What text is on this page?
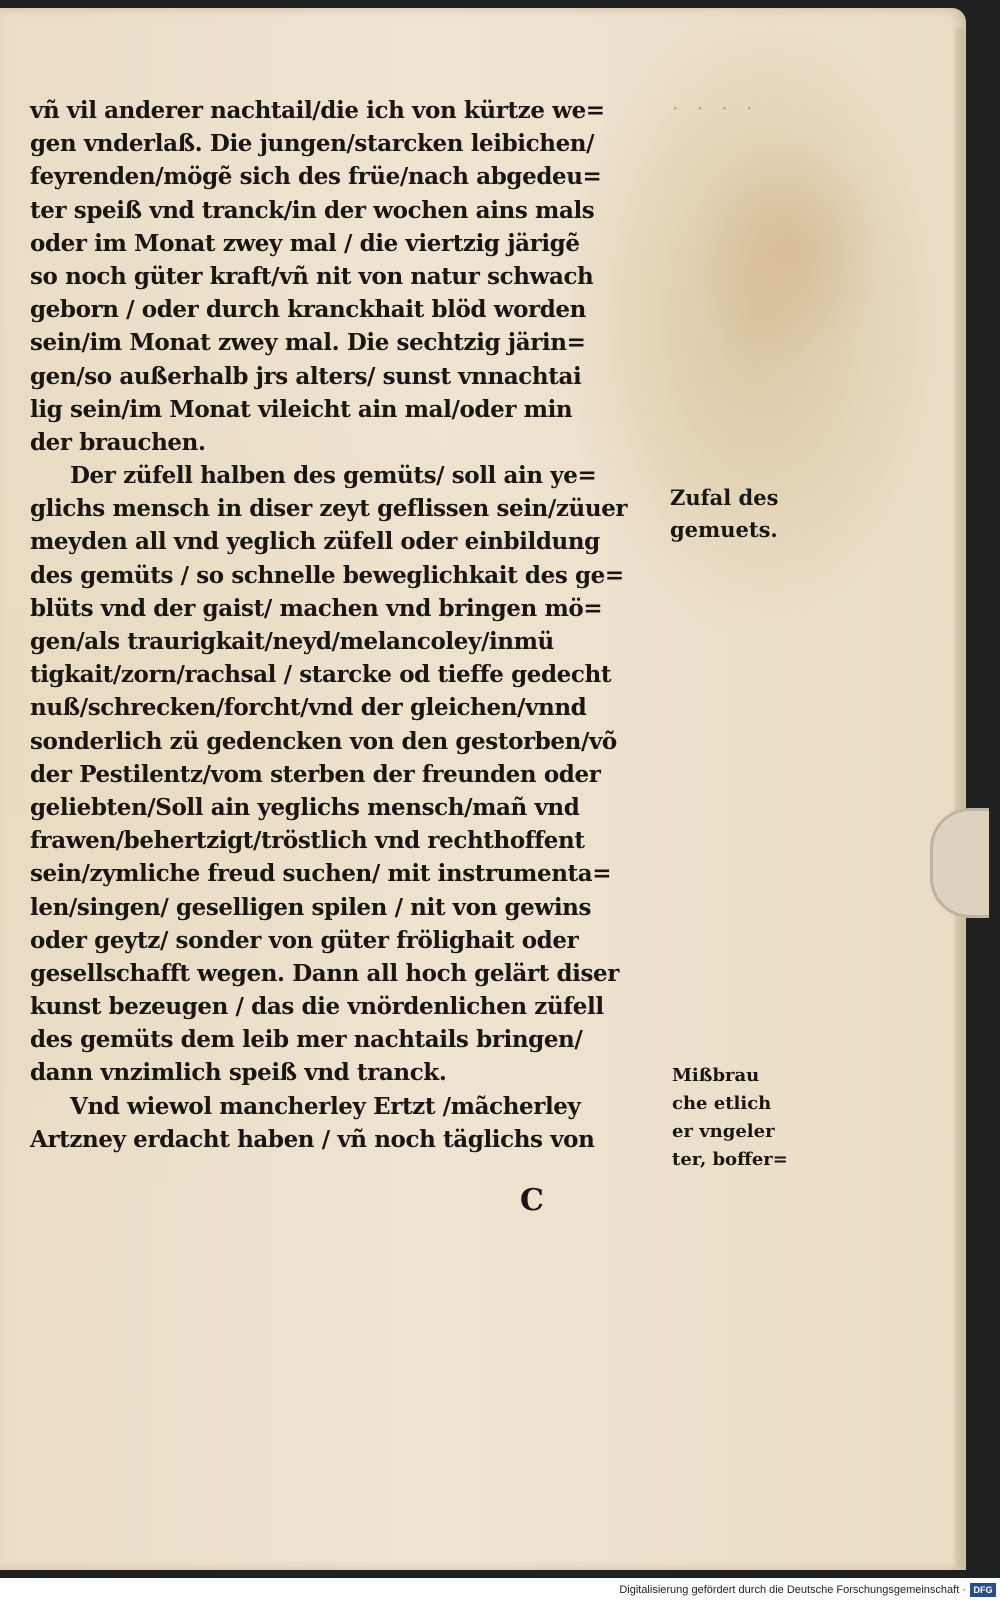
· · · ·
vñ vil anderer nachtail/die ich von kürtze we=
gen vnderlaß. Die jungen/starcken leibichen/
feyrenden/mögẽ sich des früe/nach abgedeu=
ter speiß vnd tranck/in der wochen ains mals
oder im Monat zwey mal / die viertzig järigẽ
so noch güter kraft/vñ nit von natur schwach
geborn / oder durch kranckhait blöd worden
sein/im Monat zwey mal. Die sechtzig järin=
gen/so außerhalb jrs alters/ sunst vnnachtai
lig sein/im Monat vileicht ain mal/oder min
der brauchen.
Der züfell halben des gemüts/ soll ain ye=
glichs mensch in diser zeyt geflissen sein/züuer
meyden all vnd yeglich züfell oder einbildung
des gemüts / so schnelle beweglichkait des ge=
blüts vnd der gaist/ machen vnd bringen mö=
gen/als traurigkait/neyd/melancoley/inmü
tigkait/zorn/rachsal / starcke od tieffe gedecht
nuß/schrecken/forcht/vnd der gleichen/vnnd
sonderlich zü gedencken von den gestorben/võ
der Pestilentz/vom sterben der freunden oder
geliebten/Soll ain yeglichs mensch/mañ vnd
frawen/behertzigt/tröstlich vnd rechthoffent
sein/zymliche freud suchen/ mit instrumenta=
len/singen/ geselligen spilen / nit von gewins
oder geytz/ sonder von güter frölighait oder
gesellschafft wegen. Dann all hoch gelärt diser
kunst bezeugen / das die vnördenlichen züfell
des gemüts dem leib mer nachtails bringen/
dann vnzimlich speiß vnd tranck.
Vnd wiewol mancherley Ertzt /mãcherley
Artzney erdacht haben / vñ noch täglichs von
C
Zufal des
gemuets.
Mißbrau
che etlich
er vngeler
ter, boffer=
Digitalisierung gefördert durch die Deutsche Forschungsgemeinschaft · DFG
